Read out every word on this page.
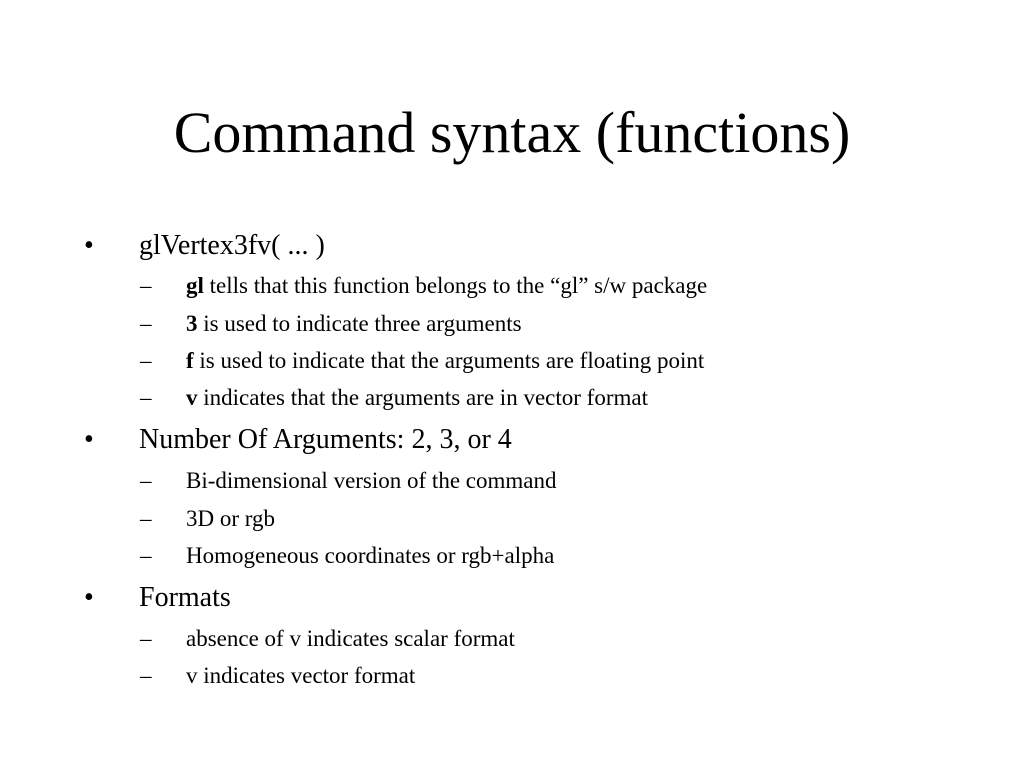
Command syntax (functions)
• glVertex3fv( ... )
– gl tells that this function belongs to the “gl” s/w package
– 3 is used to indicate three arguments
– f is used to indicate that the arguments are floating point
– v indicates that the arguments are in vector format
• Number Of Arguments: 2, 3, or 4
– Bi-dimensional version of the command
– 3D or rgb
– Homogeneous coordinates or rgb+alpha
• Formats
– absence of v indicates scalar format
– v indicates vector format
